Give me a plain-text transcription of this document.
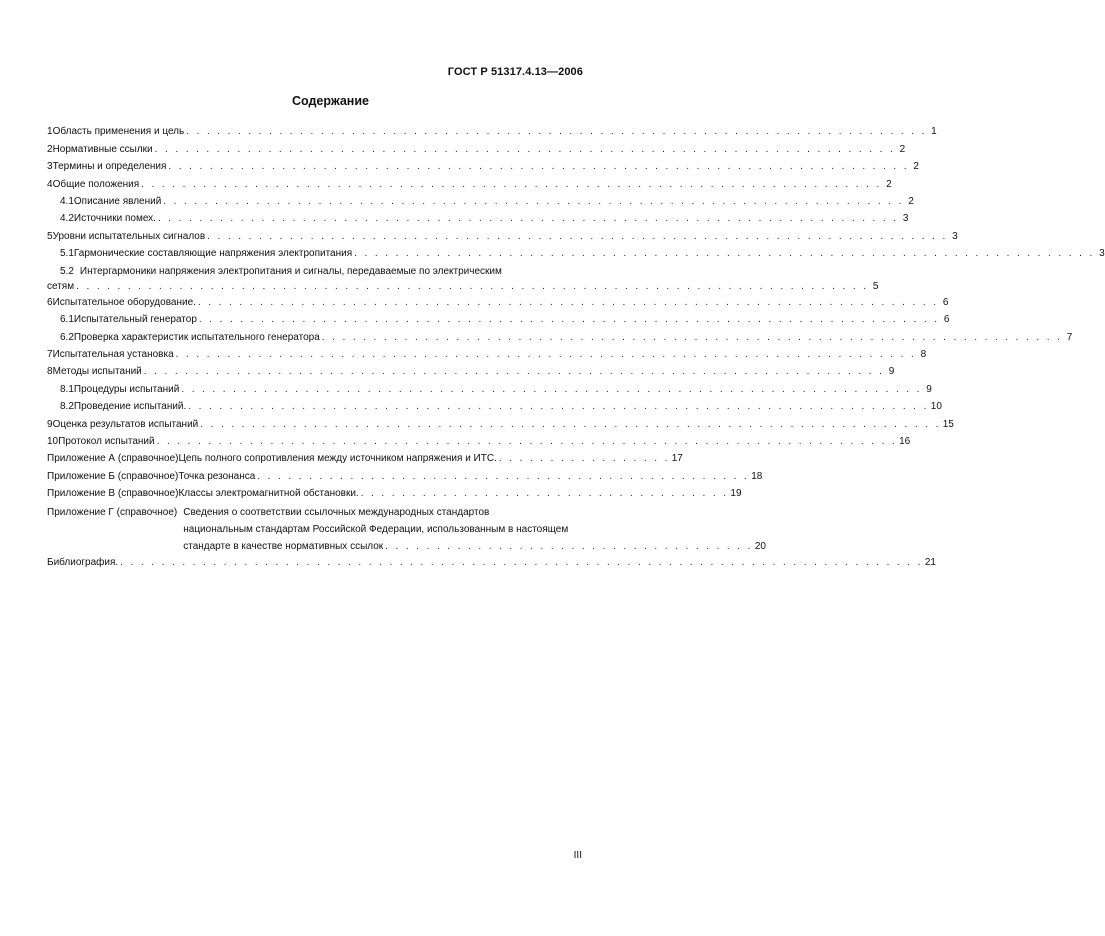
ГОСТ Р 51317.4.13—2006
Содержание
1 Область применения и цель . . . . . . . . . . . . . . . . . . . . . . . . . . . . . . . . . . . . . . . . . . . . . . . . . . . . . . . . . . . . . . . . . . . . . . . . 1
2 Нормативные ссылки . . . . . . . . . . . . . . . . . . . . . . . . . . . . . . . . . . . . . . . . . . . . . . . . . . . . . . . . . . . . . . . . . . . . . . . . 2
3 Термины и определения . . . . . . . . . . . . . . . . . . . . . . . . . . . . . . . . . . . . . . . . . . . . . . . . . . . . . . . . . . . . . . . . . . . . . . . . 2
4 Общие положения . . . . . . . . . . . . . . . . . . . . . . . . . . . . . . . . . . . . . . . . . . . . . . . . . . . . . . . . . . . . . . . . . . . . . . . . 2
4.1 Описание явлений . . . . . . . . . . . . . . . . . . . . . . . . . . . . . . . . . . . . . . . . . . . . . . . . . . . . . . . . . . . . . . . . . . . . . . . . 2
4.2 Источники помех. . . . . . . . . . . . . . . . . . . . . . . . . . . . . . . . . . . . . . . . . . . . . . . . . . . . . . . . . . . . . . . . . . . . . . . . . 3
5 Уровни испытательных сигналов . . . . . . . . . . . . . . . . . . . . . . . . . . . . . . . . . . . . . . . . . . . . . . . . . . . . . . . . . . . . . . . . . . . . . . . . 3
5.1 Гармонические составляющие напряжения электропитания . . . . . . . . . . . . . . . . . . . . . . . . . . . . . . . . . . . . . . . . . . . . . . . . . . . . . . . . . . . . . . . . . . . . . . . . 3
5.2 Интергармоники напряжения электропитания и сигналы, передаваемые по электрическим
сетям . . . . . . . . . . . . . . . . . . . . . . . . . . . . . . . . . . . . . . . . . . . . . . . . . . . . . . . . . . . . . . . . . . . . . . . . . . . . . 5
6 Испытательное оборудование. . . . . . . . . . . . . . . . . . . . . . . . . . . . . . . . . . . . . . . . . . . . . . . . . . . . . . . . . . . . . . . . . . . . . . . . . 6
6.1 Испытательный генератор . . . . . . . . . . . . . . . . . . . . . . . . . . . . . . . . . . . . . . . . . . . . . . . . . . . . . . . . . . . . . . . . . . . . . . . . 6
6.2 Проверка характеристик испытательного генератора . . . . . . . . . . . . . . . . . . . . . . . . . . . . . . . . . . . . . . . . . . . . . . . . . . . . . . . . . . . . . . . . . . . . . . . . 7
7 Испытательная установка . . . . . . . . . . . . . . . . . . . . . . . . . . . . . . . . . . . . . . . . . . . . . . . . . . . . . . . . . . . . . . . . . . . . . . . . 8
8 Методы испытаний . . . . . . . . . . . . . . . . . . . . . . . . . . . . . . . . . . . . . . . . . . . . . . . . . . . . . . . . . . . . . . . . . . . . . . . . 9
8.1 Процедуры испытаний . . . . . . . . . . . . . . . . . . . . . . . . . . . . . . . . . . . . . . . . . . . . . . . . . . . . . . . . . . . . . . . . . . . . . . . . 9
8.2 Проведение испытаний. . . . . . . . . . . . . . . . . . . . . . . . . . . . . . . . . . . . . . . . . . . . . . . . . . . . . . . . . . . . . . . . . . . . . . . . . 10
9 Оценка результатов испытаний . . . . . . . . . . . . . . . . . . . . . . . . . . . . . . . . . . . . . . . . . . . . . . . . . . . . . . . . . . . . . . . . . . . . . . . . 15
10 Протокол испытаний . . . . . . . . . . . . . . . . . . . . . . . . . . . . . . . . . . . . . . . . . . . . . . . . . . . . . . . . . . . . . . . . . . . . . . . . 16
Приложение А (справочное) Цепь полного сопротивления между источником напряжения и ИТС. . . . . . . . . . . . . . . . . . 17
Приложение Б (справочное) Точка резонанса . . . . . . . . . . . . . . . . . . . . . . . . . . . . . . . . . . . . . . . . . . . . . . . . 18
Приложение В (справочное) Классы электромагнитной обстановки. . . . . . . . . . . . . . . . . . . . . . . . . . . . . . . . . . . . . 19
Приложение Г (справочное) Сведения о соответствии ссылочных международных стандартов
национальным стандартам Российской Федерации, использованным в настоящем
стандарте в качестве нормативных ссылок . . . . . . . . . . . . . . . . . . . . . . . . . . . . . . . . . . . . 20
Библиография. . . . . . . . . . . . . . . . . . . . . . . . . . . . . . . . . . . . . . . . . . . . . . . . . . . . . . . . . . . . . . . . . . . . . . . . . . . . . . . 21
III
